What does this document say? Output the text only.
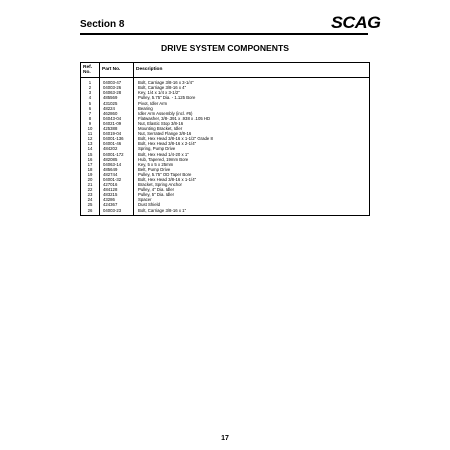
Section 8	SCAG
DRIVE SYSTEM COMPONENTS
Ref.
No.	Part No.	Description
1	04003-47	Bolt, Carriage 3/8-16 x 3-1/4"
2	04003-26	Bolt, Carriage 3/8-16 x 4"
3	04063-28	Key, 1/4 x 1/4 x 3-1/2"
4	485569	Pulley, 5.75" Dia. - 1.125 Bore
5	431025	Pivot, Idler Arm
6	48224	Bearing
7	462860	Idler Arm Assembly (incl. #6)
8	04043-04	Flatwasher, 3/8-.391 x .938 x .105 HD
9	04021-09	Nut, Elastic Stop 3/8-16
10	425388	Mounting Bracket, Idler
11	04019-04	Nut, Serrated Flange 3/8-16
12	04001-136	Bolt, Hex Head 3/8-16 x 1-1/2" Grade 8
13	04001-46	Bolt, Hex Head 3/8-16 x 2-1/4"
14	484202	Spring, Pump Drive
15	04001-172	Bolt, Hex Head 1/4-20 x 1"
16	482085	Hub, Tapered, 19mm Bore
17	04063-14	Key, 5 x 5 x 25mm
18	485649	Belt, Pump Drive
19	482744	Pulley, 5.75" OD Taper Bore
20	04001-32	Bolt, Hex Head 3/8-16 x 1-1/4"
21	427016	Bracket, Spring Anchor
22	484128	Pulley, 4" Dia. Idler
23	483215	Pulley, 5" Dia. Idler
24	43286	Spacer
25	424367	Dust Shield
26	04003-23	Bolt, Carriage 3/8-16 x 1"
17
